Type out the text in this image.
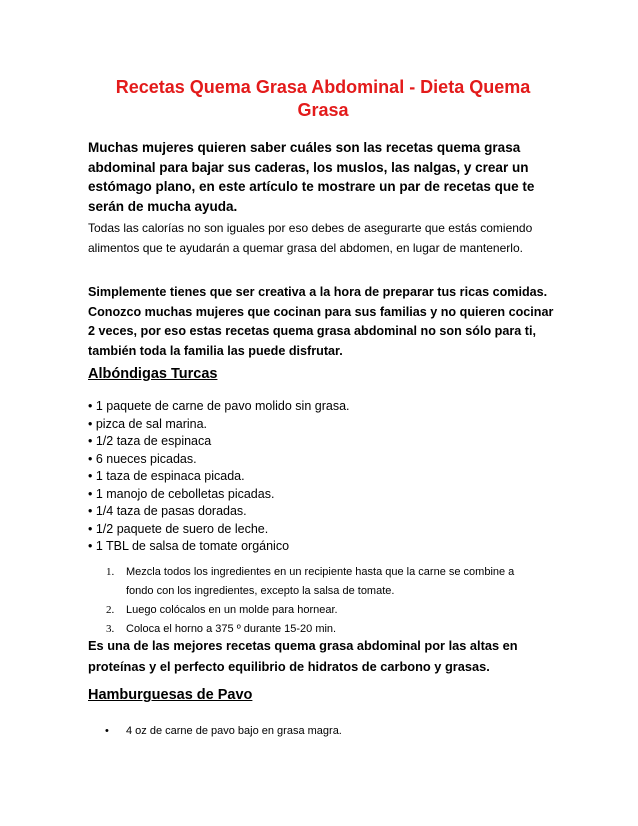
Recetas Quema Grasa Abdominal - Dieta Quema Grasa

Muchas mujeres quieren saber cuáles son las recetas quema grasa abdominal para bajar sus caderas, los muslos, las nalgas, y crear un estómago plano, en este artículo te mostrare un par de recetas que te serán de mucha ayuda.

Todas las calorías no son iguales por eso debes de asegurarte que estás comiendo alimentos que te ayudarán a quemar grasa del abdomen, en lugar de mantenerlo.

Simplemente tienes que ser creativa a la hora de preparar tus ricas comidas. Conozco muchas mujeres que cocinan para sus familias y no quieren cocinar 2 veces, por eso estas recetas quema grasa abdominal no son sólo para ti, también toda la familia las puede disfrutar.

Albóndigas Turcas
• 1 paquete de carne de pavo molido sin grasa.
• pizca de sal marina.
• 1/2 taza de espinaca
• 6 nueces picadas.
• 1 taza de espinaca picada.
• 1 manojo de cebolletas picadas.
• 1/4 taza de pasas doradas.
• 1/2 paquete de suero de leche.
• 1 TBL de salsa de tomate orgánico
1. Mezcla todos los ingredientes en un recipiente hasta que la carne se combine a
fondo con los ingredientes, excepto la salsa de tomate.
2. Luego colócalos en un molde para hornear.
3. Coloca el horno a 375 º durante 15-20 min.

Es una de las mejores recetas quema grasa abdominal por las altas en proteínas y el perfecto equilibrio de hidratos de carbono y grasas.

Hamburguesas de Pavo
• 4 oz de carne de pavo bajo en grasa magra.
